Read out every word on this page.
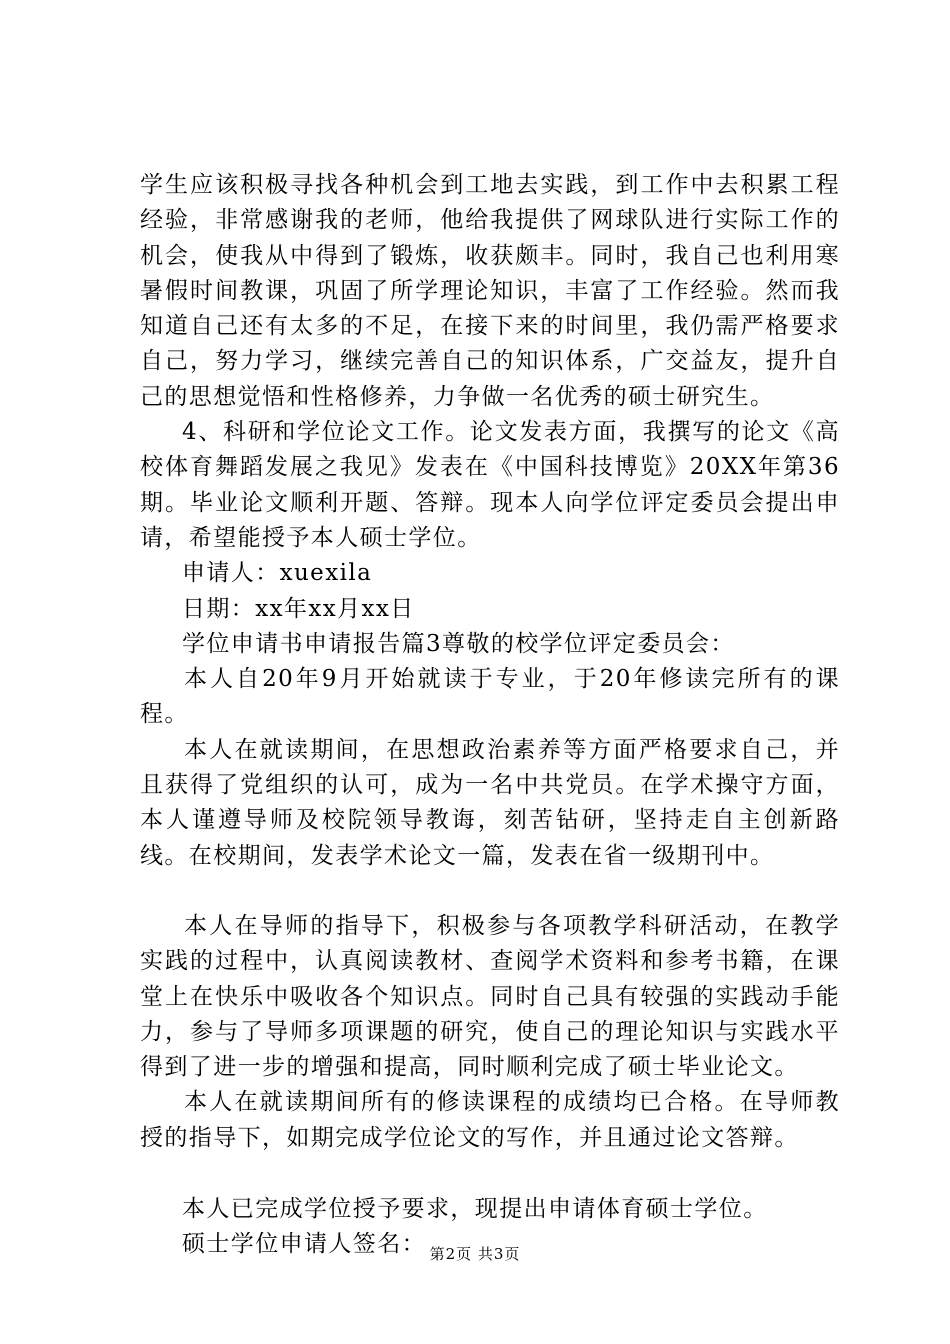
学生应该积极寻找各种机会到工地去实践，到工作中去积累工程经验，非常感谢我的老师，他给我提供了网球队进行实际工作的机会，使我从中得到了锻炼，收获颇丰。同时，我自己也利用寒暑假时间教课，巩固了所学理论知识，丰富了工作经验。然而我知道自己还有太多的不足，在接下来的时间里，我仍需严格要求自己，努力学习，继续完善自己的知识体系，广交益友，提升自己的思想觉悟和性格修养，力争做一名优秀的硕士研究生。

4、科研和学位论文工作。论文发表方面，我撰写的论文《高校体育舞蹈发展之我见》发表在《中国科技博览》20XX年第36期。毕业论文顺利开题、答辩。现本人向学位评定委员会提出申请，希望能授予本人硕士学位。

申请人：xuexila

日期：xx年xx月xx日

学位申请书申请报告篇3尊敬的校学位评定委员会：

本人自20年9月开始就读于专业，于20年修读完所有的课程。

本人在就读期间，在思想政治素养等方面严格要求自己，并且获得了党组织的认可，成为一名中共党员。在学术操守方面，本人谨遵导师及校院领导教诲，刻苦钻研，坚持走自主创新路线。在校期间，发表学术论文一篇，发表在省一级期刊中。

本人在导师的指导下，积极参与各项教学科研活动，在教学实践的过程中，认真阅读教材、查阅学术资料和参考书籍，在课堂上在快乐中吸收各个知识点。同时自己具有较强的实践动手能力，参与了导师多项课题的研究，使自己的理论知识与实践水平得到了进一步的增强和提高，同时顺利完成了硕士毕业论文。

本人在就读期间所有的修读课程的成绩均已合格。在导师教授的指导下，如期完成学位论文的写作，并且通过论文答辩。

本人已完成学位授予要求，现提出申请体育硕士学位。

硕士学位申请人签名： 第2页 共3页
